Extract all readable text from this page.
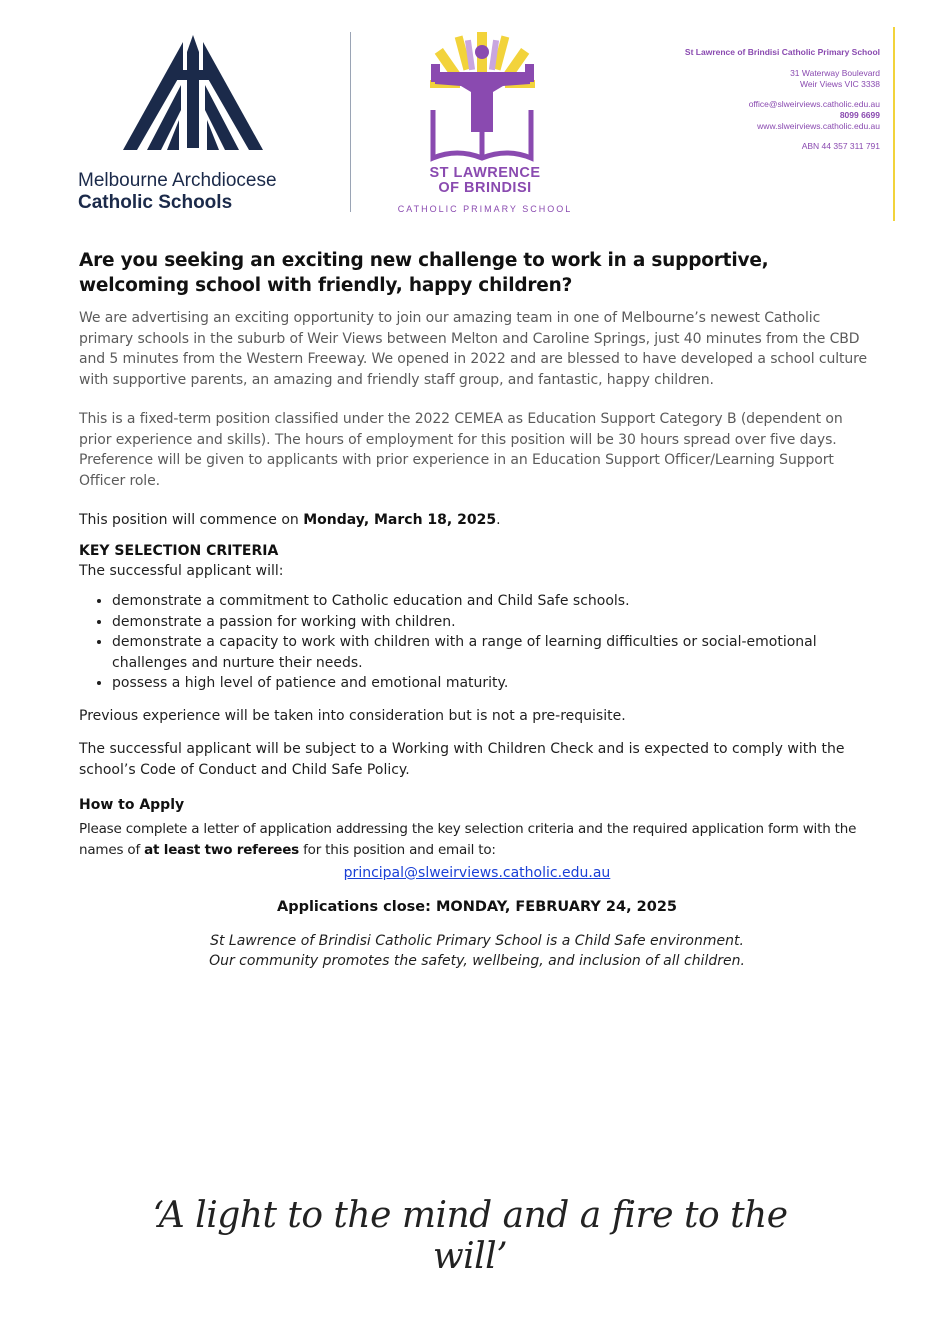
Melbourne Archdiocese
Catholic Schools
ST LAWRENCE
OF BRINDISI
CATHOLIC PRIMARY SCHOOL
St Lawrence of Brindisi Catholic Primary School
31 Waterway Boulevard
Weir Views VIC 3338
office@slweirviews.catholic.edu.au
8099 6699
www.slweirviews.catholic.edu.au
ABN 44 357 311 791
Are you seeking an exciting new challenge to work in a supportive, welcoming school with friendly, happy children?

We are advertising an exciting opportunity to join our amazing team in one of Melbourne’s newest Catholic primary schools in the suburb of Weir Views between Melton and Caroline Springs, just 40 minutes from the CBD and 5 minutes from the Western Freeway. We opened in 2022 and are blessed to have developed a school culture with supportive parents, an amazing and friendly staff group, and fantastic, happy children.

This is a fixed-term position classified under the 2022 CEMEA as Education Support Category B (dependent on prior experience and skills). The hours of employment for this position will be 30 hours spread over five days. Preference will be given to applicants with prior experience in an Education Support Officer/Learning Support Officer role.

This position will commence on Monday, March 18, 2025.

KEY SELECTION CRITERIA

The successful applicant will:

• demonstrate a commitment to Catholic education and Child Safe schools.
• demonstrate a passion for working with children.
• demonstrate a capacity to work with children with a range of learning difficulties or social-emotional challenges and nurture their needs.
• possess a high level of patience and emotional maturity.

Previous experience will be taken into consideration but is not a pre-requisite.

The successful applicant will be subject to a Working with Children Check and is expected to comply with the school’s Code of Conduct and Child Safe Policy.

How to Apply

Please complete a letter of application addressing the key selection criteria and the required application form with the names of at least two referees for this position and email to:

principal@slweirviews.catholic.edu.au
Applications close: MONDAY, FEBRUARY 24, 2025
St Lawrence of Brindisi Catholic Primary School is a Child Safe environment.
Our community promotes the safety, wellbeing, and inclusion of all children.
‘A light to the mind and a fire to the will’
